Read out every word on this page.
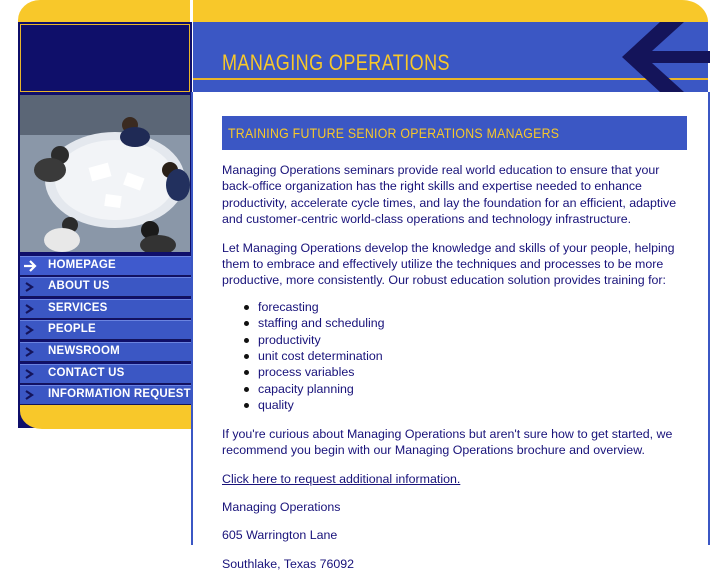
HOMEPAGE
ABOUT US
SERVICES
PEOPLE
NEWSROOM
CONTACT US
INFORMATION REQUEST
MANAGING OPERATIONS
TRAINING FUTURE SENIOR OPERATIONS MANAGERS

Managing Operations seminars provide real world education to ensure that your back-office organization has the right skills and expertise needed to enhance productivity, accelerate cycle times, and lay the foundation for an efficient, adaptive and customer-centric world-class operations and technology infrastructure.

Let Managing Operations develop the knowledge and skills of your people, helping them to embrace and effectively utilize the techniques and processes to be more productive, more consistently. Our robust education solution provides training for:

forecasting
staffing and scheduling
productivity
unit cost determination
process variables
capacity planning
quality

If you're curious about Managing Operations but aren't sure how to get started, we recommend you begin with our Managing Operations brochure and overview.

Click here to request additional information.

Managing Operations

605 Warrington Lane

Southlake, Texas 76092
